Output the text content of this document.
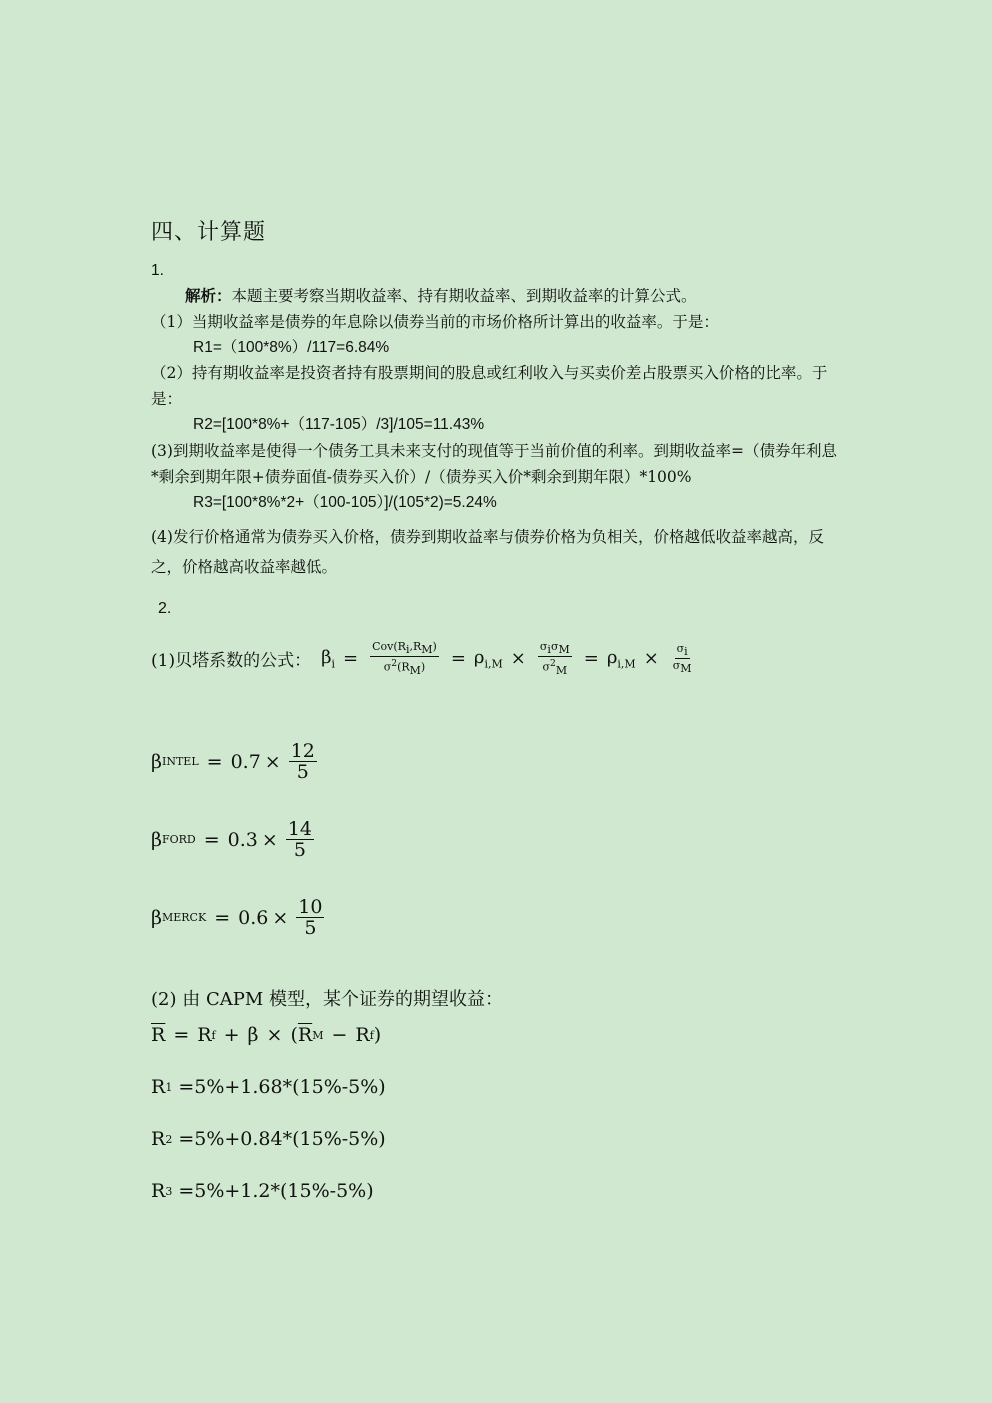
四、计算题
1.
解析：本题主要考察当期收益率、持有期收益率、到期收益率的计算公式。
（1）当期收益率是债券的年息除以债券当前的市场价格所计算出的收益率。于是：
R1=（100*8%）/117=6.84%
（2）持有期收益率是投资者持有股票期间的股息或红利收入与买卖价差占股票买入价格的比率。于是：
R2=[100*8%+（117-105）/3]/105=11.43%
(3)到期收益率是使得一个债务工具未来支付的现值等于当前价值的利率。到期收益率=（债券年利息*剩余到期年限+债券面值-债券买入价）/（债券买入价*剩余到期年限）*100%
R3=[100*8%*2+（100-105）]/(105*2)=5.24%
(4)发行价格通常为债券买入价格，债券到期收益率与债券价格为负相关，价格越低收益率越高，反之，价格越高收益率越低。
2.
(1)贝塔系数的公式： $\beta_i = \frac{Cov(R_i,R_M)}{\sigma^2(R_M)} = \rho_{i,M} \times \frac{\sigma_i\sigma_M}{\sigma^2_M} = \rho_{i,M} \times \frac{\sigma_i}{\sigma_M}$
β INTEL = $0.7 \times \frac{12}{5}$
β FORD = $0.3 \times \frac{14}{5}$
β MERCK = $0.6 \times \frac{10}{5}$
(2) 由 CAPM 模型，某个证券的期望收益：
$\overline{R} = R$ f + β × ( $\overline{R}$ M − R f )
R 1 =5%+1.68*(15%-5%)
R 2 =5%+0.84*(15%-5%)
R 3 =5%+1.2*(15%-5%)
